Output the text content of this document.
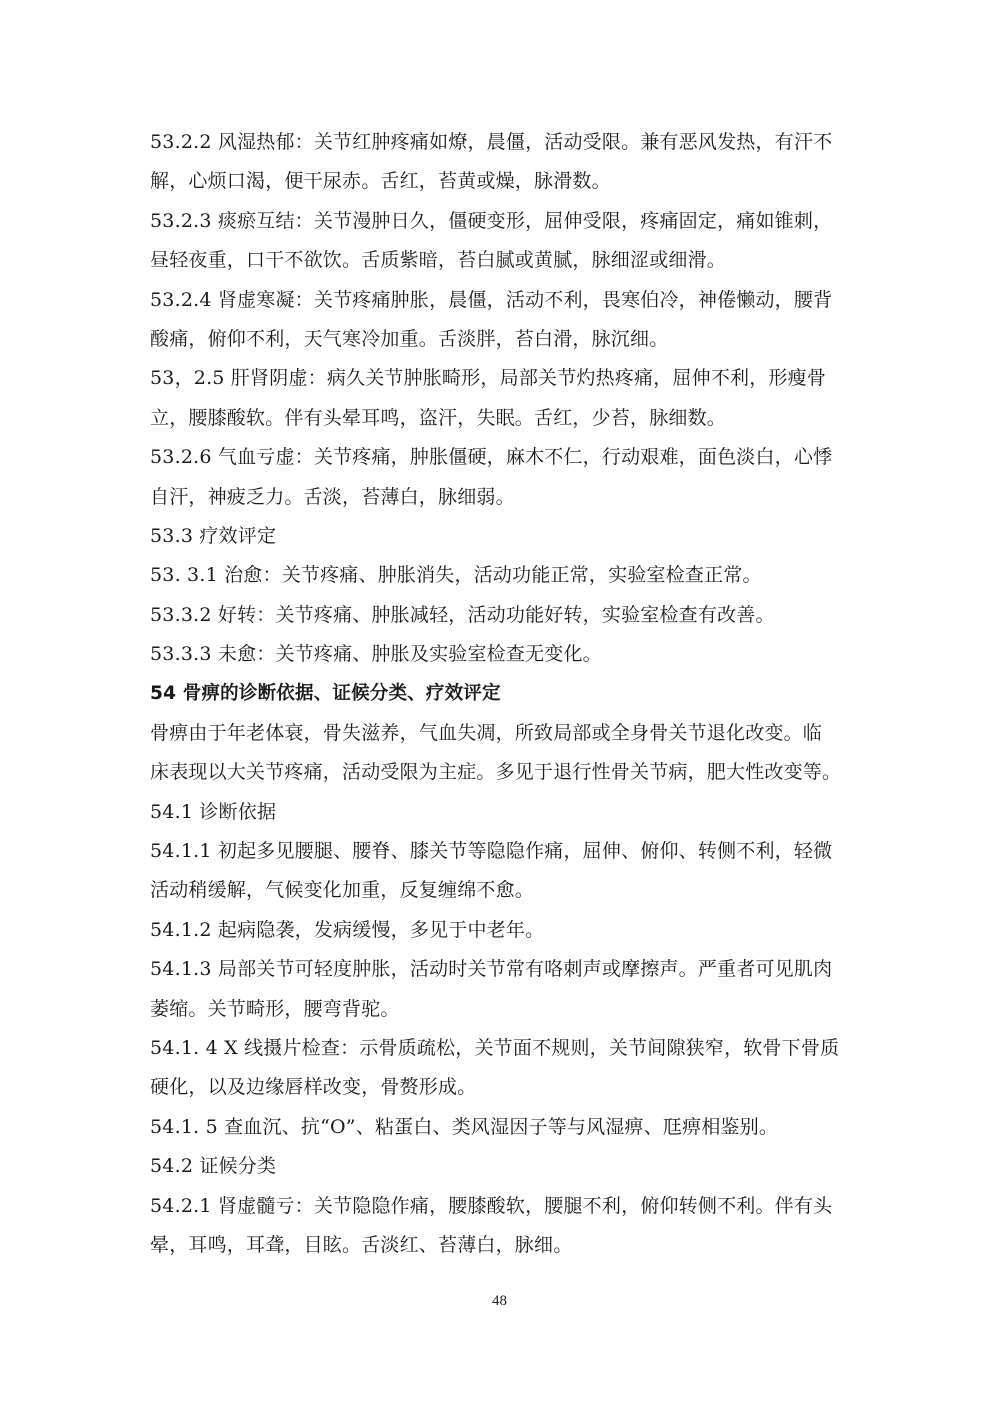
53.2.2 风湿热郁：关节红肿疼痛如燎，晨僵，活动受限。兼有恶风发热，有汗不
解，心烦口渴，便干尿赤。舌红，苔黄或燥，脉滑数。
53.2.3 痰瘀互结：关节漫肿日久，僵硬变形，屈伸受限，疼痛固定，痛如锥刺，
昼轻夜重，口干不欲饮。舌质紫暗，苔白腻或黄腻，脉细涩或细滑。
53.2.4 肾虚寒凝：关节疼痛肿胀，晨僵，活动不利，畏寒伯冷，神倦懒动，腰背
酸痛，俯仰不利，天气寒冷加重。舌淡胖，苔白滑，脉沉细。
53，2.5 肝肾阴虚：病久关节肿胀畸形，局部关节灼热疼痛，屈伸不利，形瘦骨
立，腰膝酸软。伴有头晕耳鸣，盗汗，失眠。舌红，少苔，脉细数。
53.2.6 气血亏虚：关节疼痛，肿胀僵硬，麻木不仁，行动艰难，面色淡白，心悸
自汗，神疲乏力。舌淡，苔薄白，脉细弱。
53.3 疗效评定
53. 3.1 治愈：关节疼痛、肿胀消失，活动功能正常，实验室检查正常。
53.3.2 好转：关节疼痛、肿胀减轻，活动功能好转，实验室检查有改善。
53.3.3 未愈：关节疼痛、肿胀及实验室检查无变化。
54 骨痹的诊断依据、证候分类、疗效评定
骨痹由于年老体衰，骨失滋养，气血失凋，所致局部或全身骨关节退化改变。临
床表现以大关节疼痛，活动受限为主症。多见于退行性骨关节病，肥大性改变等。
54.1 诊断依据
54.1.1 初起多见腰腿、腰脊、膝关节等隐隐作痛，屈伸、俯仰、转侧不利，轻微
活动稍缓解，气候变化加重，反复缠绵不愈。
54.1.2 起病隐袭，发病缓慢，多见于中老年。
54.1.3 局部关节可轻度肿胀，活动时关节常有咯刺声或摩擦声。严重者可见肌肉
萎缩。关节畸形，腰弯背驼。
54.1. 4 X 线摄片检查：示骨质疏松，关节面不规则，关节间隙狭窄，软骨下骨质
硬化，以及边缘唇样改变，骨赘形成。
54.1. 5 查血沉、抗“O”、粘蛋白、类风湿因子等与风湿痹、尫痹相鉴别。
54.2 证候分类
54.2.1 肾虚髓亏：关节隐隐作痛，腰膝酸软，腰腿不利，俯仰转侧不利。伴有头
晕，耳鸣，耳聋，目眩。舌淡红、苔薄白，脉细。
48
